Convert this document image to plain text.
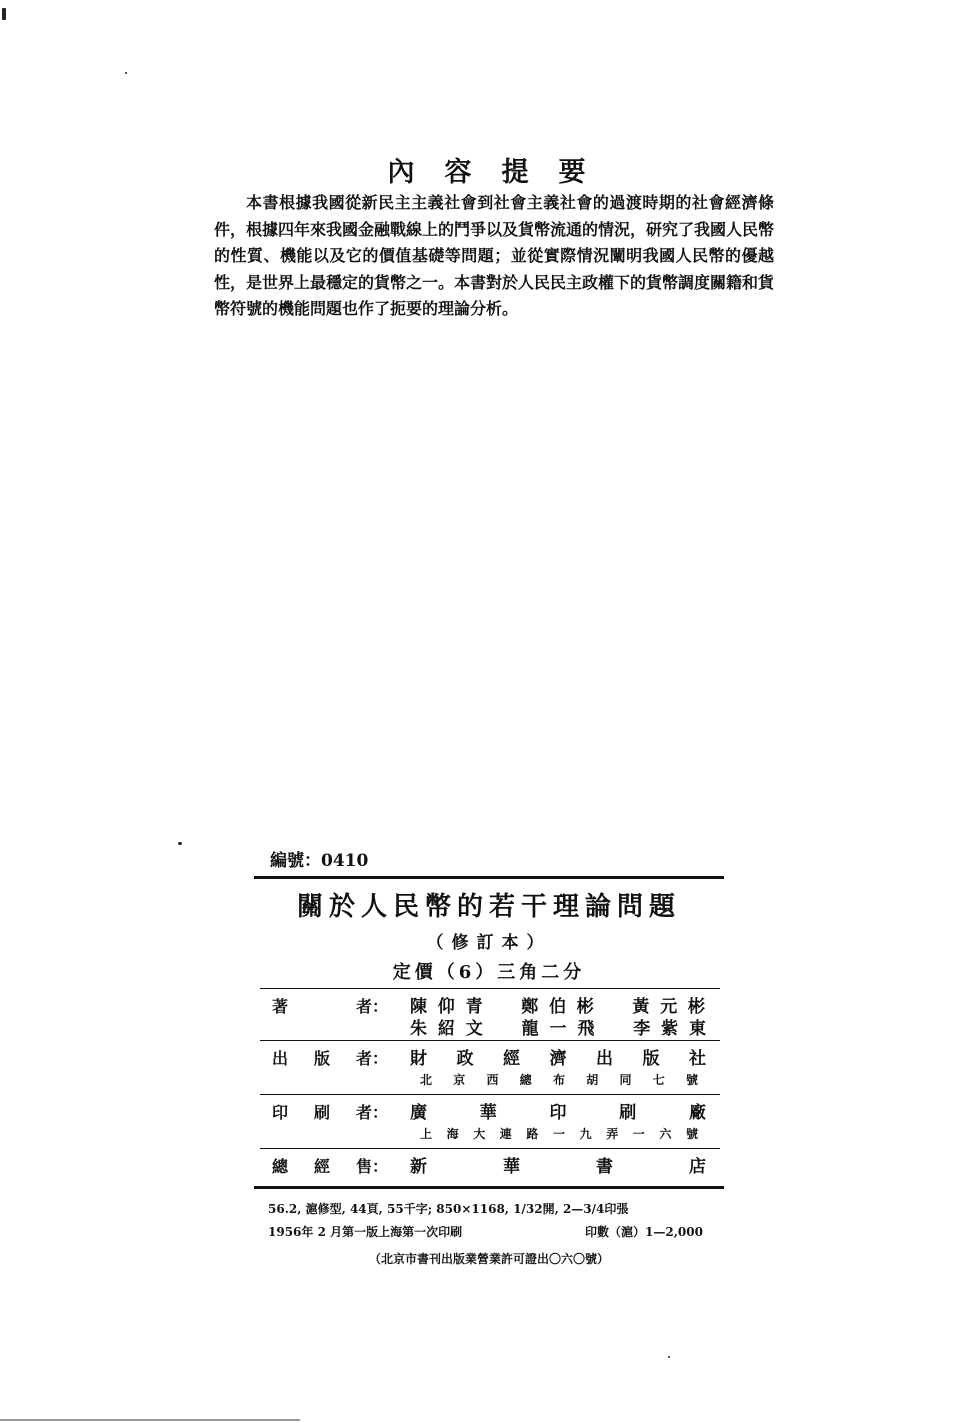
內容提要
本書根據我國從新民主主義社會到社會主義社會的過渡時期的社會經濟條件，根據四年來我國金融戰線上的鬥爭以及貨幣流通的情況，研究了我國人民幣的性質、機能以及它的價值基礎等問題；並從實際情況闡明我國人民幣的優越性，是世界上最穩定的貨幣之一。本書對於人民民主政權下的貨幣調度關籍和貨幣符號的機能問題也作了扼要的理論分析。
編號：0410
關於人民幣的若干理論問題
（修訂本）
定價（6）三角二分
著者 ： 陳仰青　鄭伯彬　黃元彬
朱紹文　龍一飛　李紫東
出版者 ： 財政經濟出版社
北京西總布胡同七號
印刷者 ： 廣華印刷廠
上海大連路一九弄一六號
總經售 ： 新華書店
56.2, 滬修型, 44頁, 55千字; 850×1168, 1/32開, 2—3/4印張
1956年 2 月第一版上海第一次印刷	印數（滬）1—2,000
（北京市書刊出版業營業許可證出〇六〇號）
